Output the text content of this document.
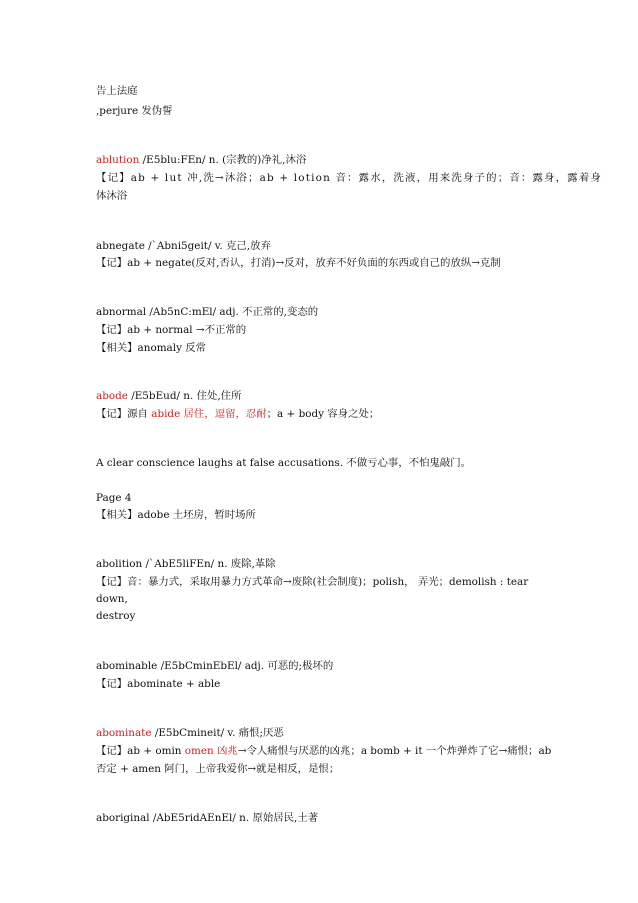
告上法庭
,perjure 发伪誓
ablution /E5blu:FEn/ n. (宗教的)净礼,沐浴
【记】ab + lut 冲,洗→沐浴；ab + lotion 音：露水，洗液，用来洗身子的；音：露身，露着身
体沐浴
abnegate /`Abni5geit/ v. 克己,放弃
【记】ab + negate(反对,否认，打消)→反对，放弃不好负面的东西或自己的放纵→克制
abnormal /Ab5nC:mEl/ adj. 不正常的,变态的
【记】ab + normal →不正常的
【相关】anomaly 反常
abode /E5bEud/ n. 住处,住所
【记】源自 abide 居住，逗留，忍耐；a + body 容身之处；
A clear conscience laughs at false accusations. 不做亏心事，不怕鬼敲门。
Page 4
【相关】adobe 土坯房，暂时场所
abolition /`AbE5liFEn/ n. 废除,革除
【记】音：暴力式，采取用暴力方式革命→废除(社会制度)；polish， 弄光；demolish : tear
down,
destroy
abominable /E5bCminEbEl/ adj. 可恶的;极坏的
【记】abominate + able
abominate /E5bCmineit/ v. 痛恨;厌恶
【记】ab + omin omen 凶兆→令人痛恨与厌恶的凶兆；a bomb + it 一个炸弹炸了它→痛恨；ab
否定 + amen 阿门，上帝我爱你→就是相反，是恨；
aboriginal /AbE5ridAEnEl/ n. 原始居民,土著
